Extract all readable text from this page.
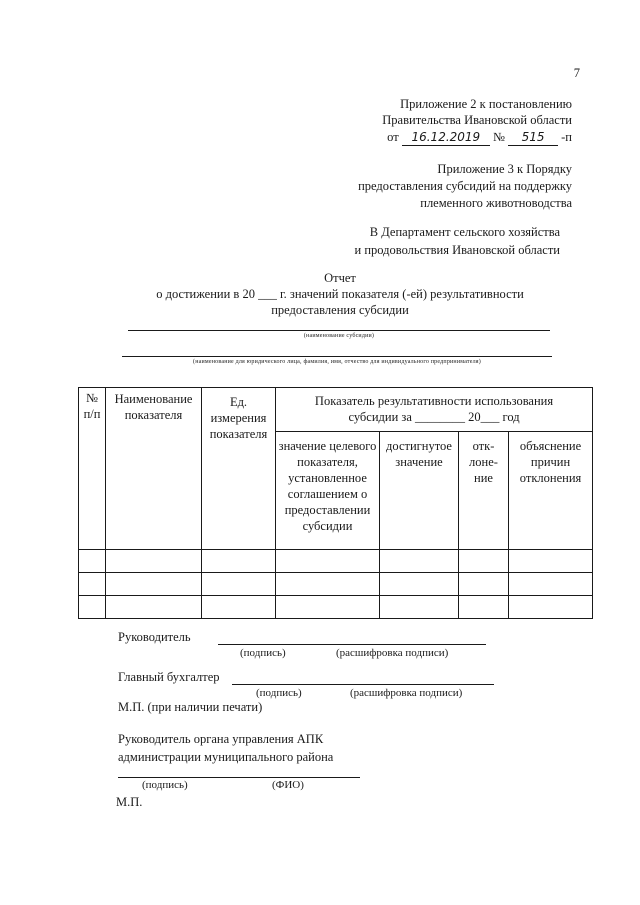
7
Приложение 2 к постановлению
Правительства Ивановской области
от 16.12.2019 № 515 -п
Приложение 3 к Порядку
предоставления субсидий на поддержку
племенного животноводства
В Департамент сельского хозяйства
и продовольствия Ивановской области
Отчет
о достижении в 20 ___ г. значений показателя (-ей) результативности
предоставления субсидии
(наименование субсидии)
(наименование для юридического лица, фамилия, имя, отчество для индивидуального предпринимателя)
№ п/п	Наименование показателя	Ед. измерения показателя	Показатель результативности использования субсидии за ________ 20___ год			
			значение целевого показателя, установленное соглашением о предоставлении субсидии	достигнутое значение	отк-лоне-ние	объяснение причин отклонения

Руководитель
(подпись)	(расшифровка подписи)
Главный бухгалтер
(подпись)	(расшифровка подписи)
М.П. (при наличии печати)
Руководитель органа управления АПК
администрации муниципального района
(подпись)	(ФИО)
М.П.
